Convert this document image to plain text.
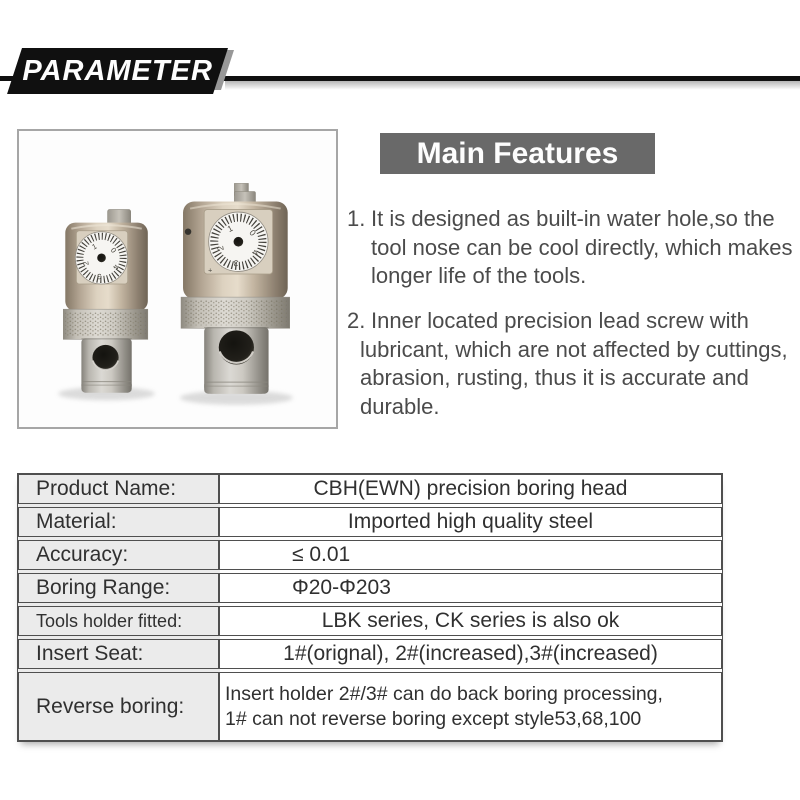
PARAMETER
0
1
2
3
4
0
1
2
3
4
+
Main Features
1. It is designed as built-in water hole,so the
tool nose can be cool directly, which makes
longer life of the tools.
2. Inner located precision lead screw with
lubricant, which are not affected by cuttings,
abrasion, rusting, thus it is accurate and
durable.
Product Name:	CBH(EWN) precision boring head
Material:	Imported high quality steel
Accuracy:	≤ 0.01
Boring Range:	Φ20-Φ203
Tools holder fitted:	LBK series, CK series is also ok
Insert Seat:	1#(orignal), 2#(increased),3#(increased)
Reverse boring:
Insert holder 2#/3# can do back boring processing,
1# can not reverse boring except style53,68,100
